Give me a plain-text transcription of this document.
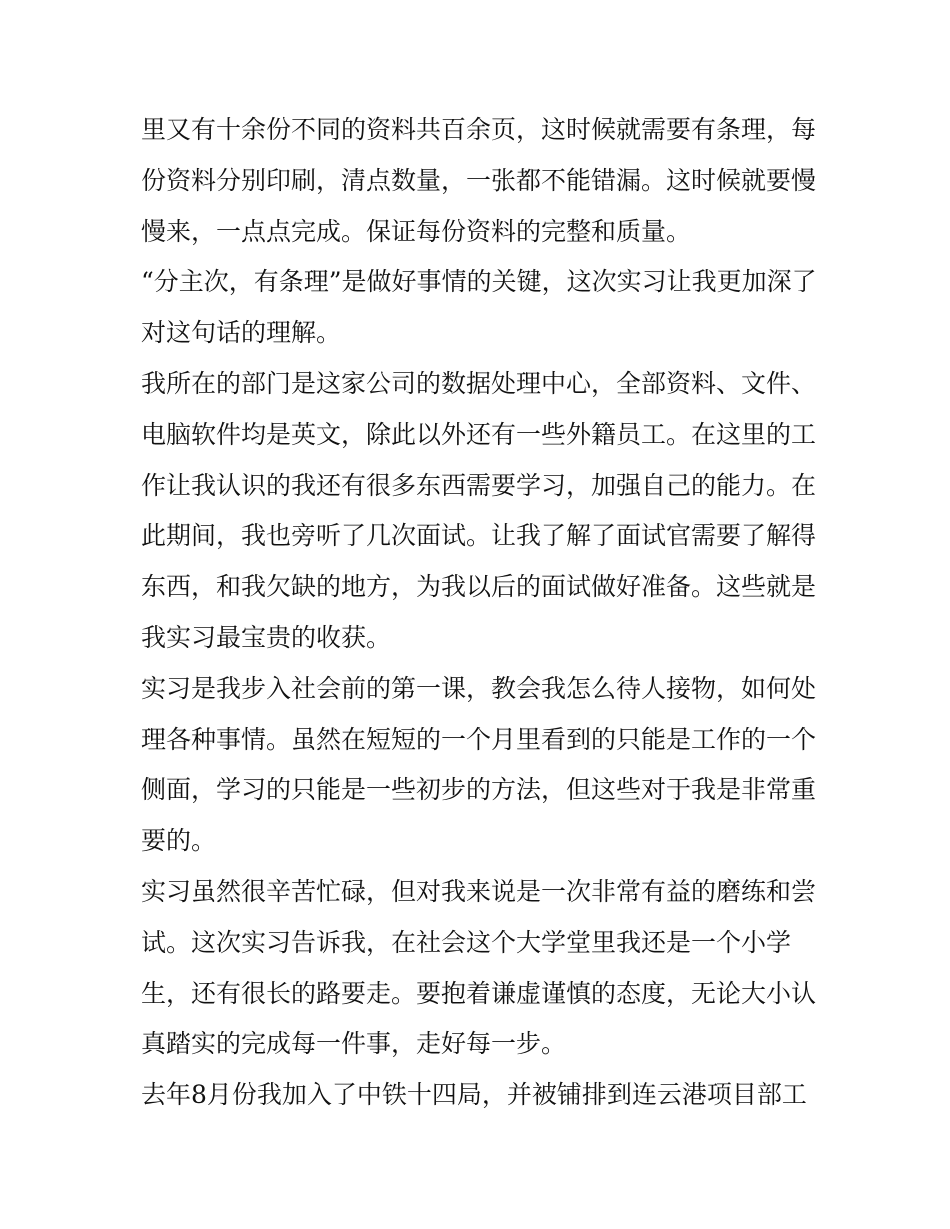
里又有十余份不同的资料共百余页，这时候就需要有条理，每
份资料分别印刷，清点数量，一张都不能错漏。这时候就要慢
慢来，一点点完成。保证每份资料的完整和质量。
“分主次，有条理”是做好事情的关键，这次实习让我更加深了
对这句话的理解。
我所在的部门是这家公司的数据处理中心，全部资料、文件、
电脑软件均是英文，除此以外还有一些外籍员工。在这里的工
作让我认识的我还有很多东西需要学习，加强自己的能力。在
此期间，我也旁听了几次面试。让我了解了面试官需要了解得
东西，和我欠缺的地方，为我以后的面试做好准备。这些就是
我实习最宝贵的收获。
实习是我步入社会前的第一课，教会我怎么待人接物，如何处
理各种事情。虽然在短短的一个月里看到的只能是工作的一个
侧面，学习的只能是一些初步的方法，但这些对于我是非常重
要的。
实习虽然很辛苦忙碌，但对我来说是一次非常有益的磨练和尝
试。这次实习告诉我，在社会这个大学堂里我还是一个小学
生，还有很长的路要走。要抱着谦虚谨慎的态度，无论大小认
真踏实的完成每一件事，走好每一步。
去年8月份我加入了中铁十四局，并被铺排到连云港项目部工
